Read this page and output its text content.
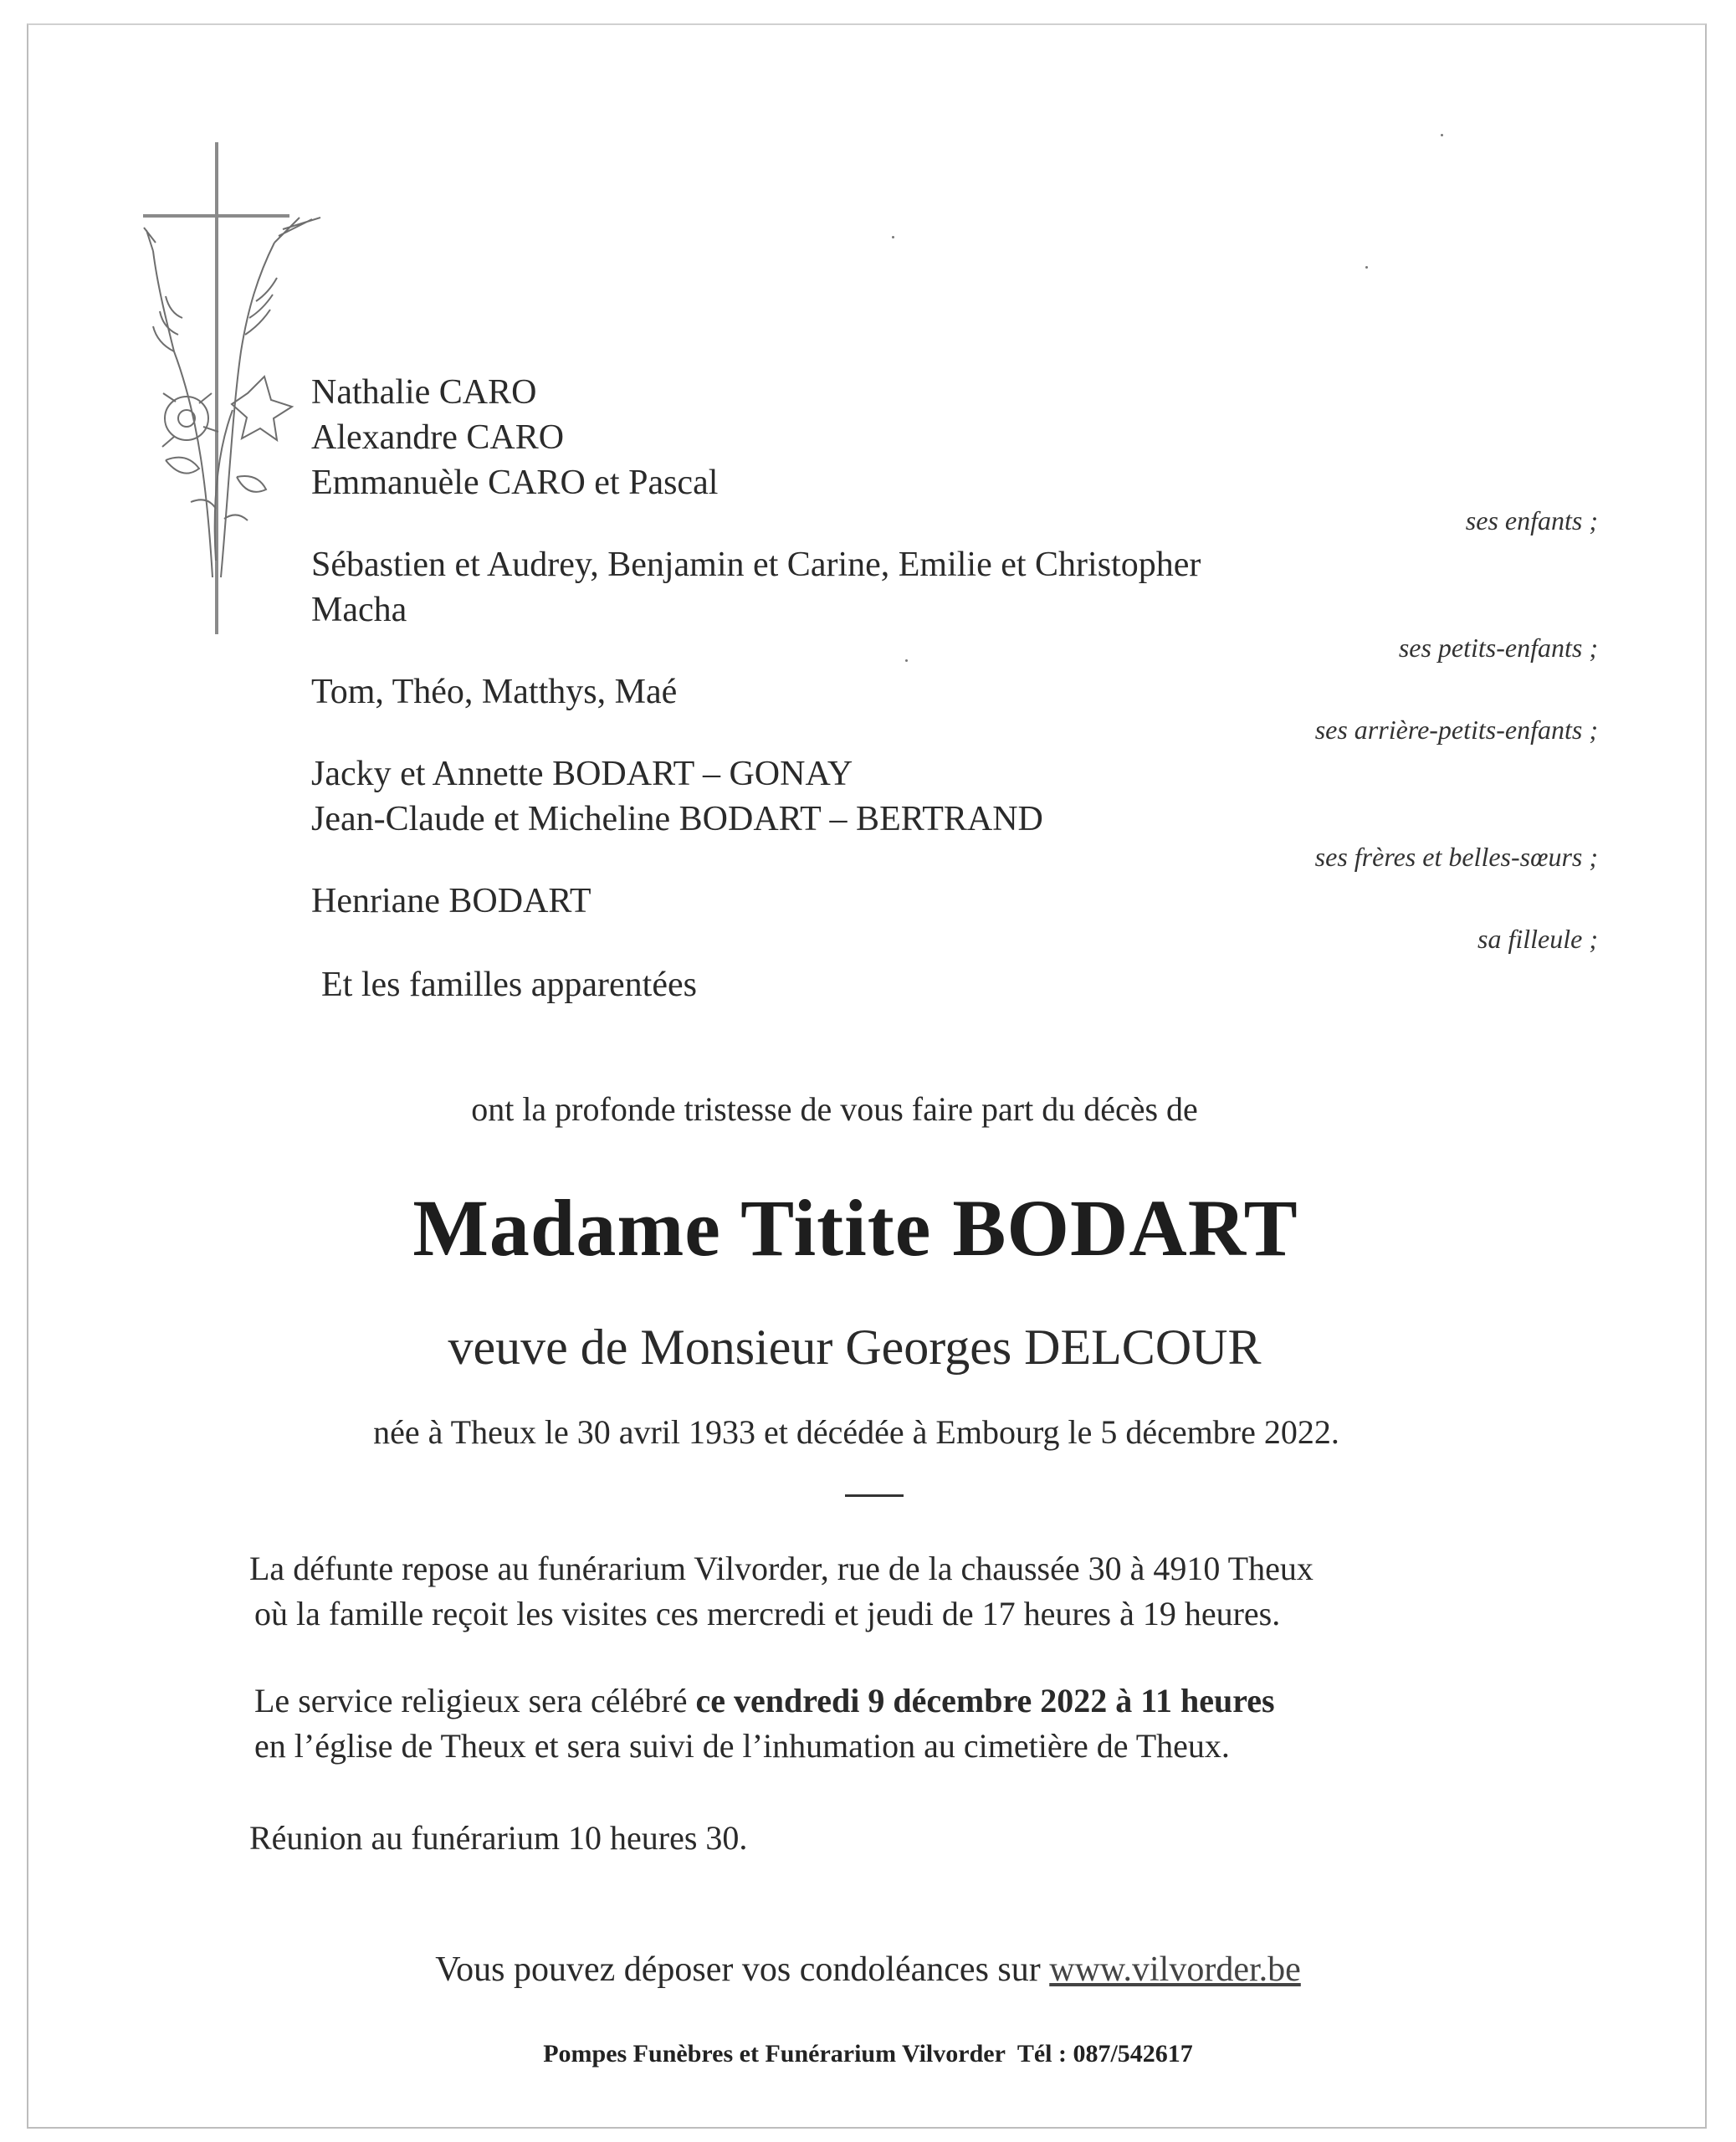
Nathalie CARO
Alexandre CARO
Emmanuèle CARO et Pascal
ses enfants ;
Sébastien et Audrey, Benjamin et Carine, Emilie et Christopher
Macha
ses petits-enfants ;
Tom, Théo, Matthys, Maé
ses arrière-petits-enfants ;
Jacky et Annette BODART – GONAY
Jean-Claude et Micheline BODART – BERTRAND
ses frères et belles-sœurs ;
Henriane BODART
sa filleule ;
Et les familles apparentées
ont la profonde tristesse de vous faire part du décès de
Madame Titite BODART
veuve de Monsieur Georges DELCOUR
née à Theux le 30 avril 1933 et décédée à Embourg le 5 décembre 2022.
La défunte repose au funérarium Vilvorder, rue de la chaussée 30 à 4910 Theux
où la famille reçoit les visites ces mercredi et jeudi de 17 heures à 19 heures.
Le service religieux sera célébré ce vendredi 9 décembre 2022 à 11 heures
en l’église de Theux et sera suivi de l’inhumation au cimetière de Theux.
Réunion au funérarium 10 heures 30.
Vous pouvez déposer vos condoléances sur www.vilvorder.be
Pompes Funèbres et Funérarium Vilvorder  Tél : 087/542617
